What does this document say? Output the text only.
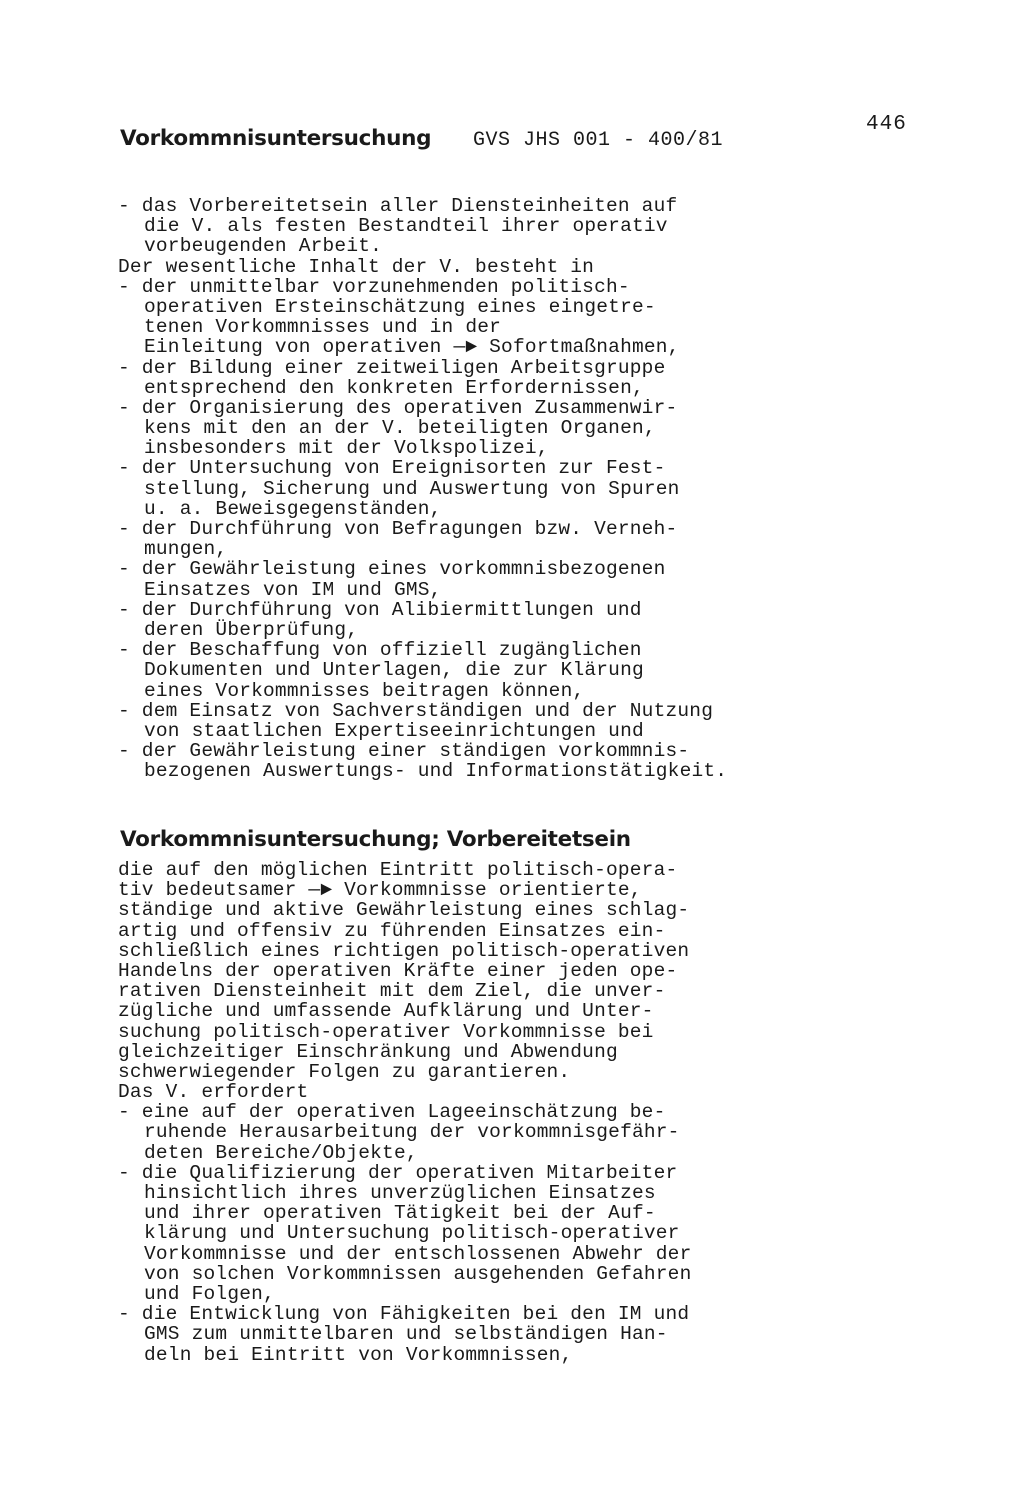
446
Vorkommnisuntersuchung GVS JHS 001 - 400/81
- das Vorbereitetsein aller Diensteinheiten auf
die V. als festen Bestandteil ihrer operativ
vorbeugenden Arbeit.
Der wesentliche Inhalt der V. besteht in
- der unmittelbar vorzunehmenden politisch-
operativen Ersteinschätzung eines eingetre-
tenen Vorkommnisses und in der
Einleitung von operativen —► Sofortmaßnahmen,
- der Bildung einer zeitweiligen Arbeitsgruppe
entsprechend den konkreten Erfordernissen,
- der Organisierung des operativen Zusammenwir-
kens mit den an der V. beteiligten Organen,
insbesonders mit der Volkspolizei,
- der Untersuchung von Ereignisorten zur Fest-
stellung, Sicherung und Auswertung von Spuren
u. a. Beweisgegenständen,
- der Durchführung von Befragungen bzw. Verneh-
mungen,
- der Gewährleistung eines vorkommnisbezogenen
Einsatzes von IM und GMS,
- der Durchführung von Alibiermittlungen und
deren Überprüfung,
- der Beschaffung von offiziell zugänglichen
Dokumenten und Unterlagen, die zur Klärung
eines Vorkommnisses beitragen können,
- dem Einsatz von Sachverständigen und der Nutzung
von staatlichen Expertiseeinrichtungen und
- der Gewährleistung einer ständigen vorkommnis-
bezogenen Auswertungs- und Informationstätigkeit.
Vorkommnisuntersuchung; Vorbereitetsein
die auf den möglichen Eintritt politisch-opera-
tiv bedeutsamer —► Vorkommnisse orientierte,
ständige und aktive Gewährleistung eines schlag-
artig und offensiv zu führenden Einsatzes ein-
schließlich eines richtigen politisch-operativen
Handelns der operativen Kräfte einer jeden ope-
rativen Diensteinheit mit dem Ziel, die unver-
zügliche und umfassende Aufklärung und Unter-
suchung politisch-operativer Vorkommnisse bei
gleichzeitiger Einschränkung und Abwendung
schwerwiegender Folgen zu garantieren.
Das V. erfordert
- eine auf der operativen Lageeinschätzung be-
ruhende Herausarbeitung der vorkommnisgefähr-
deten Bereiche/Objekte,
- die Qualifizierung der operativen Mitarbeiter
hinsichtlich ihres unverzüglichen Einsatzes
und ihrer operativen Tätigkeit bei der Auf-
klärung und Untersuchung politisch-operativer
Vorkommnisse und der entschlossenen Abwehr der
von solchen Vorkommnissen ausgehenden Gefahren
und Folgen,
- die Entwicklung von Fähigkeiten bei den IM und
GMS zum unmittelbaren und selbständigen Han-
deln bei Eintritt von Vorkommnissen,
